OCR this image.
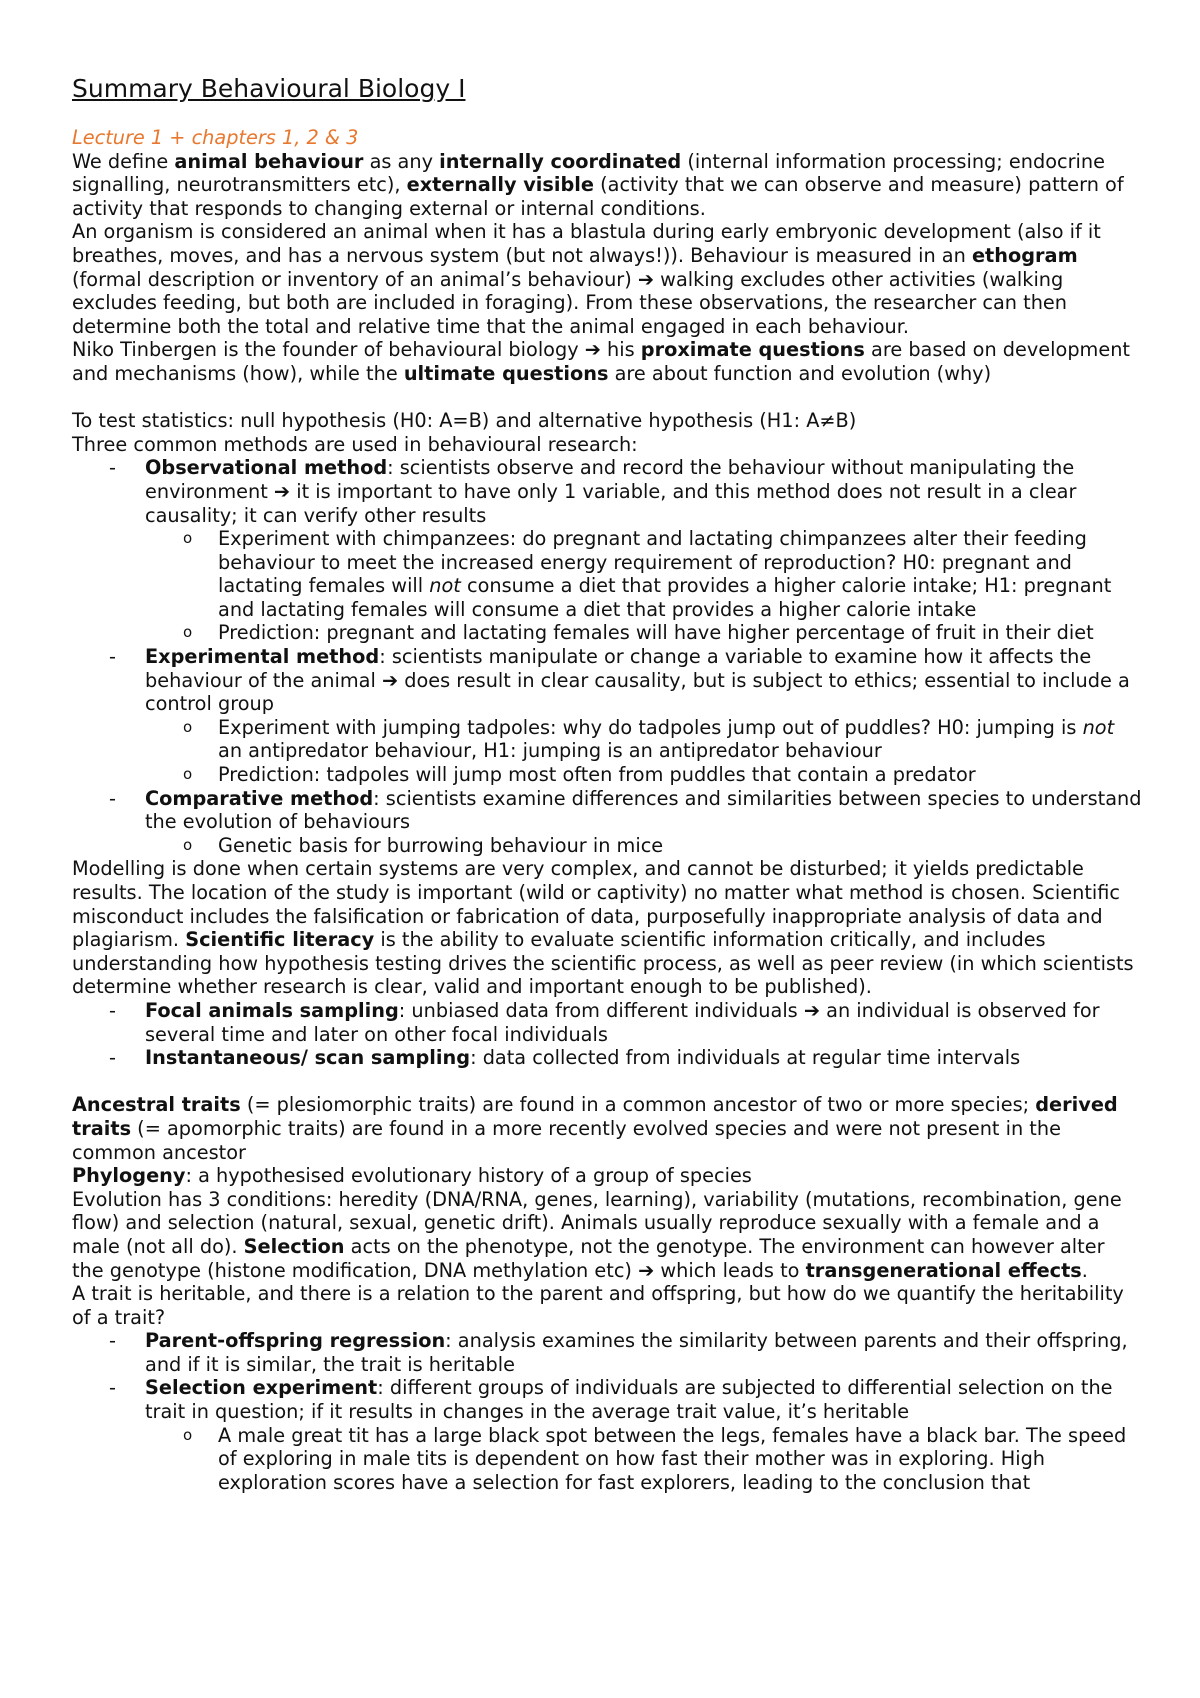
Summary Behavioural Biology I
Lecture 1 + chapters 1, 2 & 3
We define animal behaviour as any internally coordinated (internal information processing; endocrine signalling, neurotransmitters etc), externally visible (activity that we can observe and measure) pattern of activity that responds to changing external or internal conditions.
An organism is considered an animal when it has a blastula during early embryonic development (also if it breathes, moves, and has a nervous system (but not always!)). Behaviour is measured in an ethogram (formal description or inventory of an animal’s behaviour) ➔ walking excludes other activities (walking excludes feeding, but both are included in foraging). From these observations, the researcher can then determine both the total and relative time that the animal engaged in each behaviour.
Niko Tinbergen is the founder of behavioural biology ➔ his proximate questions are based on development and mechanisms (how), while the ultimate questions are about function and evolution (why)
To test statistics: null hypothesis (H0: A=B) and alternative hypothesis (H1: A≠B)
Three common methods are used in behavioural research:
- Observational method: scientists observe and record the behaviour without manipulating the environment ➔ it is important to have only 1 variable, and this method does not result in a clear causality; it can verify other results
o Experiment with chimpanzees: do pregnant and lactating chimpanzees alter their feeding behaviour to meet the increased energy requirement of reproduction? H0: pregnant and lactating females will not consume a diet that provides a higher calorie intake; H1: pregnant and lactating females will consume a diet that provides a higher calorie intake
o Prediction: pregnant and lactating females will have higher percentage of fruit in their diet
- Experimental method: scientists manipulate or change a variable to examine how it affects the behaviour of the animal ➔ does result in clear causality, but is subject to ethics; essential to include a control group
o Experiment with jumping tadpoles: why do tadpoles jump out of puddles? H0: jumping is not an antipredator behaviour, H1: jumping is an antipredator behaviour
o Prediction: tadpoles will jump most often from puddles that contain a predator
- Comparative method: scientists examine differences and similarities between species to understand the evolution of behaviours
o Genetic basis for burrowing behaviour in mice
Modelling is done when certain systems are very complex, and cannot be disturbed; it yields predictable results. The location of the study is important (wild or captivity) no matter what method is chosen. Scientific misconduct includes the falsification or fabrication of data, purposefully inappropriate analysis of data and plagiarism. Scientific literacy is the ability to evaluate scientific information critically, and includes understanding how hypothesis testing drives the scientific process, as well as peer review (in which scientists determine whether research is clear, valid and important enough to be published).
- Focal animals sampling: unbiased data from different individuals ➔ an individual is observed for several time and later on other focal individuals
- Instantaneous/ scan sampling: data collected from individuals at regular time intervals
Ancestral traits (= plesiomorphic traits) are found in a common ancestor of two or more species; derived traits (= apomorphic traits) are found in a more recently evolved species and were not present in the common ancestor
Phylogeny: a hypothesised evolutionary history of a group of species
Evolution has 3 conditions: heredity (DNA/RNA, genes, learning), variability (mutations, recombination, gene flow) and selection (natural, sexual, genetic drift). Animals usually reproduce sexually with a female and a male (not all do). Selection acts on the phenotype, not the genotype. The environment can however alter the genotype (histone modification, DNA methylation etc) ➔ which leads to transgenerational effects.
A trait is heritable, and there is a relation to the parent and offspring, but how do we quantify the heritability of a trait?
- Parent-offspring regression: analysis examines the similarity between parents and their offspring, and if it is similar, the trait is heritable
- Selection experiment: different groups of individuals are subjected to differential selection on the trait in question; if it results in changes in the average trait value, it’s heritable
o A male great tit has a large black spot between the legs, females have a black bar. The speed of exploring in male tits is dependent on how fast their mother was in exploring. High exploration scores have a selection for fast explorers, leading to the conclusion that
